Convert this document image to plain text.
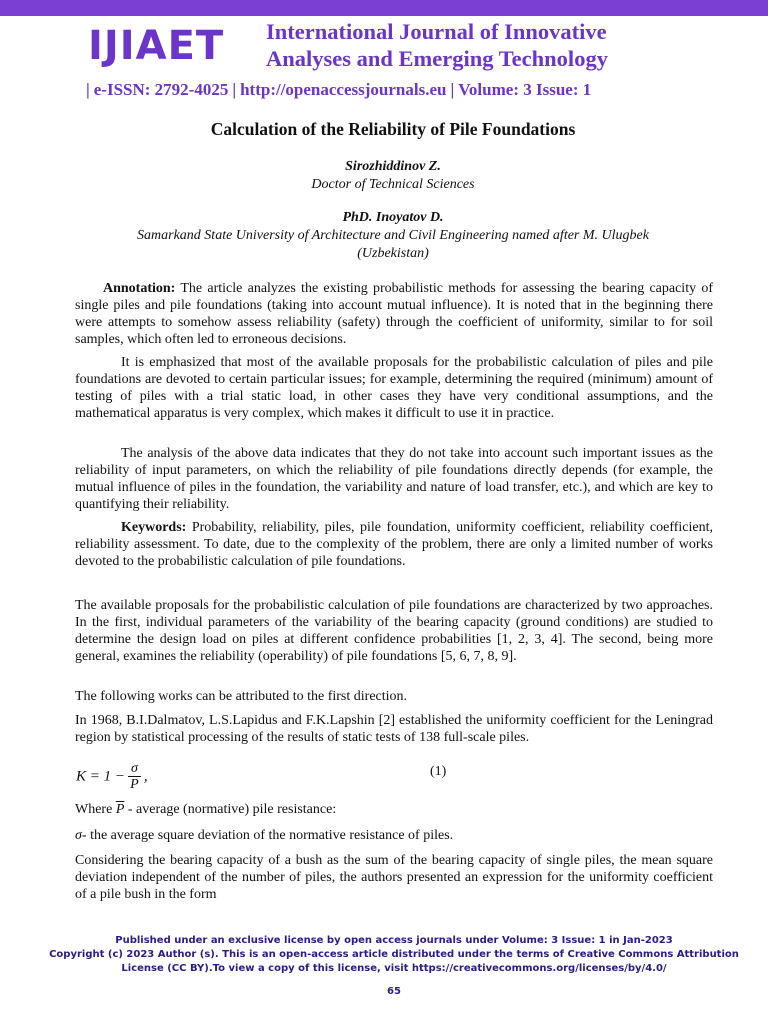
IJIAET International Journal of Innovative
Analyses and Emerging Technology
| e-ISSN: 2792-4025 | http://openaccessjournals.eu | Volume: 3 Issue: 1
Calculation of the Reliability of Pile Foundations
Sirozhiddinov Z.
Doctor of Technical Sciences
PhD. Inoyatov D.
Samarkand State University of Architecture and Civil Engineering named after M. Ulugbek (Uzbekistan)

Annotation: The article analyzes the existing probabilistic methods for assessing the bearing capacity of single piles and pile foundations (taking into account mutual influence). It is noted that in the beginning there were attempts to somehow assess reliability (safety) through the coefficient of uniformity, similar to for soil samples, which often led to erroneous decisions.

It is emphasized that most of the available proposals for the probabilistic calculation of piles and pile foundations are devoted to certain particular issues; for example, determining the required (minimum) amount of testing of piles with a trial static load, in other cases they have very conditional assumptions, and the mathematical apparatus is very complex, which makes it difficult to use it in practice.

The analysis of the above data indicates that they do not take into account such important issues as the reliability of input parameters, on which the reliability of pile foundations directly depends (for example, the mutual influence of piles in the foundation, the variability and nature of load transfer, etc.), and which are key to quantifying their reliability.

Keywords: Probability, reliability, piles, pile foundation, uniformity coefficient, reliability coefficient, reliability assessment. To date, due to the complexity of the problem, there are only a limited number of works devoted to the probabilistic calculation of pile foundations.

The available proposals for the probabilistic calculation of pile foundations are characterized by two approaches. In the first, individual parameters of the variability of the bearing capacity (ground conditions) are studied to determine the design load on piles at different confidence probabilities [1, 2, 3, 4]. The second, being more general, examines the reliability (operability) of pile foundations [5, 6, 7, 8, 9].

The following works can be attributed to the first direction.

In 1968, B.I.Dalmatov, L.S.Lapidus and F.K.Lapshin [2] established the uniformity coefficient for the Leningrad region by statistical processing of the results of static tests of 138 full-scale piles.

$K = 1 - \frac{\sigma}{P}$ ,	(1)

Where $\overline{P}$ - average (normative) pile resistance:

σ- the average square deviation of the normative resistance of piles.

Considering the bearing capacity of a bush as the sum of the bearing capacity of single piles, the mean square deviation independent of the number of piles, the authors presented an expression for the uniformity coefficient of a pile bush in the form

Published under an exclusive license by open access journals under Volume: 3 Issue: 1 in Jan-2023
Copyright (c) 2023 Author (s). This is an open-access article distributed under the terms of Creative Commons Attribution
License (CC BY).To view a copy of this license, visit https://creativecommons.org/licenses/by/4.0/
65
